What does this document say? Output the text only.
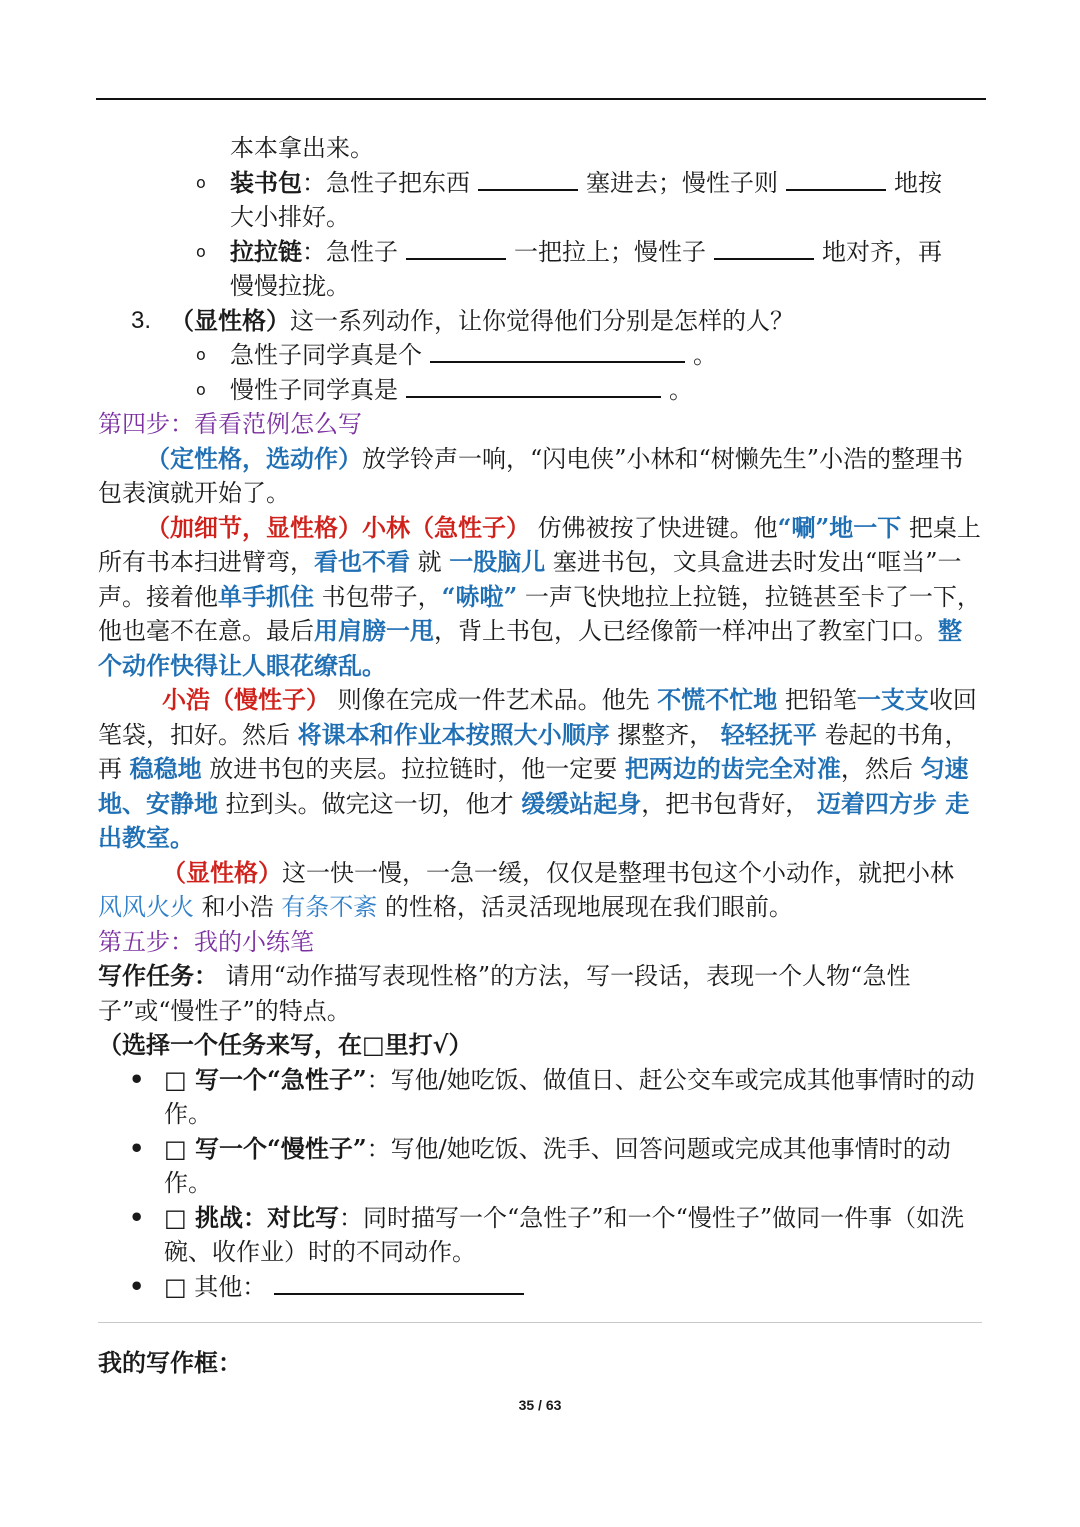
本本拿出来。

o 装书包：急性子把东西	塞进去；慢性子则	地按
大小排好。

o 拉拉链：急性子	一把拉上；慢性子	地对齐，再
慢慢拉拢。

3. （显性格）这一系列动作，让你觉得他们分别是怎样的人？

o 急性子同学真是个	。

o 慢性子同学真是	。

第四步：看看范例怎么写

（定性格，选动作）放学铃声一响，“闪电侠”小林和“树懒先生”小浩的整理书包表演就开始了。

（加细节，显性格）小林（急性子） 仿佛被按了快进键。他“唰”地一下 把桌上所有书本扫进臂弯，看也不看 就 一股脑儿 塞进书包，文具盒进去时发出“哐当”一声。接着他单手抓住 书包带子，“哧啦” 一声飞快地拉上拉链，拉链甚至卡了一下，他也毫不在意。最后用肩膀一甩，背上书包，人已经像箭一样冲出了教室门口。整个动作快得让人眼花缭乱。

小浩（慢性子） 则像在完成一件艺术品。他先 不慌不忙地 把铅笔一支支收回笔袋，扣好。然后 将课本和作业本按照大小顺序 摞整齐， 轻轻抚平 卷起的书角，再 稳稳地 放进书包的夹层。拉拉链时，他一定要 把两边的齿完全对准，然后 匀速地、安静地 拉到头。做完这一切，他才 缓缓站起身，把书包背好， 迈着四方步 走出教室。

（显性格）这一快一慢，一急一缓，仅仅是整理书包这个小动作，就把小林 风风火火 和小浩 有条不紊 的性格，活灵活现地展现在我们眼前。

第五步：我的小练笔

写作任务： 请用“动作描写表现性格”的方法，写一段话，表现一个人物“急性子”或“慢性子”的特点。

（选择一个任务来写，在□里打√）

• □ 写一个“急性子”：写他/她吃饭、做值日、赶公交车或完成其他事情时的动作。

• □ 写一个“慢性子”：写他/她吃饭、洗手、回答问题或完成其他事情时的动作。

• □ 挑战：对比写：同时描写一个“急性子”和一个“慢性子”做同一件事（如洗碗、收作业）时的不同动作。

• □ 其他：

我的写作框：
35 / 63
